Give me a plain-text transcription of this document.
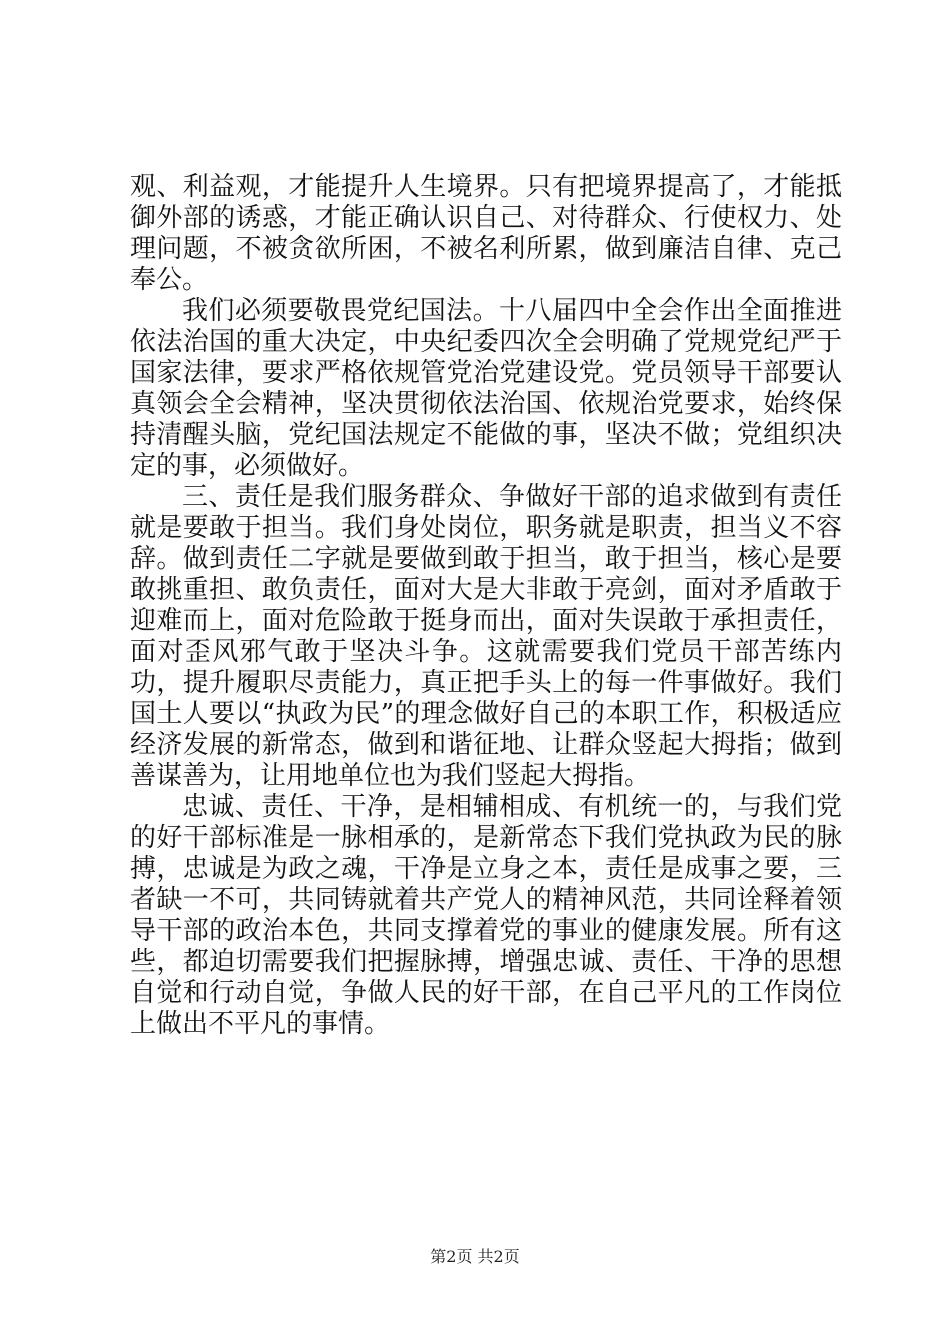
观、利益观，才能提升人生境界。只有把境界提高了，才能抵御外部的诱惑，才能正确认识自己、对待群众、行使权力、处理问题，不被贪欲所困，不被名利所累，做到廉洁自律、克己奉公。

我们必须要敬畏党纪国法。十八届四中全会作出全面推进依法治国的重大决定，中央纪委四次全会明确了党规党纪严于国家法律，要求严格依规管党治党建设党。党员领导干部要认真领会全会精神，坚决贯彻依法治国、依规治党要求，始终保持清醒头脑，党纪国法规定不能做的事，坚决不做；党组织决定的事，必须做好。

三、责任是我们服务群众、争做好干部的追求做到有责任就是要敢于担当。我们身处岗位，职务就是职责，担当义不容辞。做到责任二字就是要做到敢于担当，敢于担当，核心是要敢挑重担、敢负责任，面对大是大非敢于亮剑，面对矛盾敢于迎难而上，面对危险敢于挺身而出，面对失误敢于承担责任，面对歪风邪气敢于坚决斗争。这就需要我们党员干部苦练内功，提升履职尽责能力，真正把手头上的每一件事做好。我们国土人要以“执政为民”的理念做好自己的本职工作，积极适应经济发展的新常态，做到和谐征地、让群众竖起大拇指；做到善谋善为，让用地单位也为我们竖起大拇指。

忠诚、责任、干净，是相辅相成、有机统一的，与我们党的好干部标准是一脉相承的，是新常态下我们党执政为民的脉搏，忠诚是为政之魂，干净是立身之本，责任是成事之要，三者缺一不可，共同铸就着共产党人的精神风范，共同诠释着领导干部的政治本色，共同支撑着党的事业的健康发展。所有这些，都迫切需要我们把握脉搏，增强忠诚、责任、干净的思想自觉和行动自觉，争做人民的好干部，在自己平凡的工作岗位上做出不平凡的事情。

第2页 共2页
